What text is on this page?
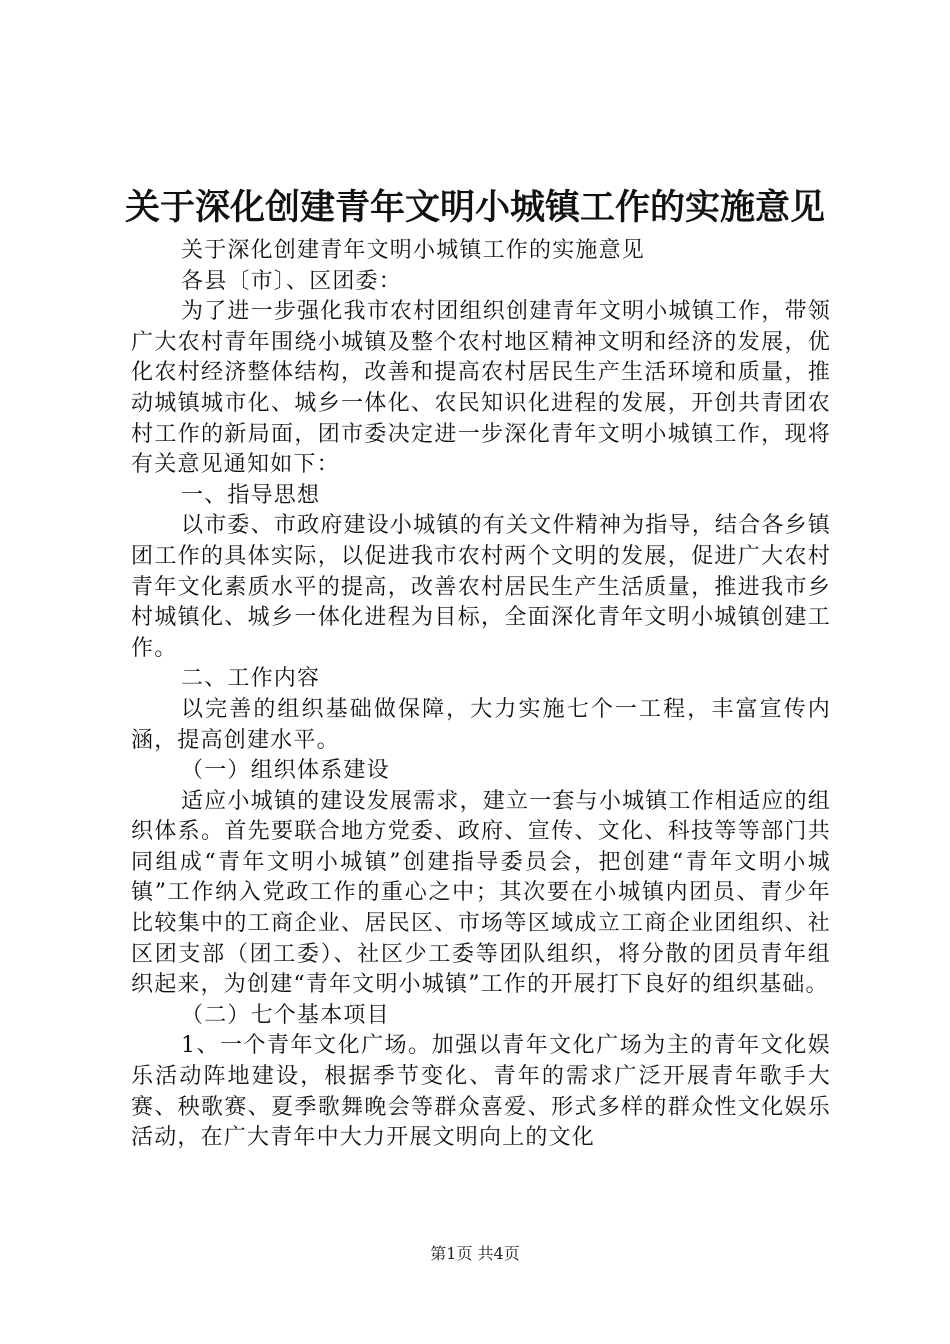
关于深化创建青年文明小城镇工作的实施意见

关于深化创建青年文明小城镇工作的实施意见

各县〔市〕、区团委：

为了进一步强化我市农村团组织创建青年文明小城镇工作，带领广大农村青年围绕小城镇及整个农村地区精神文明和经济的发展，优化农村经济整体结构，改善和提高农村居民生产生活环境和质量，推动城镇城市化、城乡一体化、农民知识化进程的发展，开创共青团农村工作的新局面，团市委决定进一步深化青年文明小城镇工作，现将有关意见通知如下：

一、指导思想

以市委、市政府建设小城镇的有关文件精神为指导，结合各乡镇团工作的具体实际，以促进我市农村两个文明的发展，促进广大农村青年文化素质水平的提高，改善农村居民生产生活质量，推进我市乡村城镇化、城乡一体化进程为目标，全面深化青年文明小城镇创建工作。

二、工作内容

以完善的组织基础做保障，大力实施七个一工程，丰富宣传内涵，提高创建水平。

（一）组织体系建设

适应小城镇的建设发展需求，建立一套与小城镇工作相适应的组织体系。首先要联合地方党委、政府、宣传、文化、科技等等部门共同组成“青年文明小城镇”创建指导委员会，把创建“青年文明小城镇”工作纳入党政工作的重心之中；其次要在小城镇内团员、青少年比较集中的工商企业、居民区、市场等区域成立工商企业团组织、社区团支部（团工委）、社区少工委等团队组织，将分散的团员青年组织起来，为创建“青年文明小城镇”工作的开展打下良好的组织基础。

（二）七个基本项目

1、一个青年文化广场。加强以青年文化广场为主的青年文化娱乐活动阵地建设，根据季节变化、青年的需求广泛开展青年歌手大赛、秧歌赛、夏季歌舞晚会等群众喜爱、形式多样的群众性文化娱乐活动，在广大青年中大力开展文明向上的文化

第1页 共4页
